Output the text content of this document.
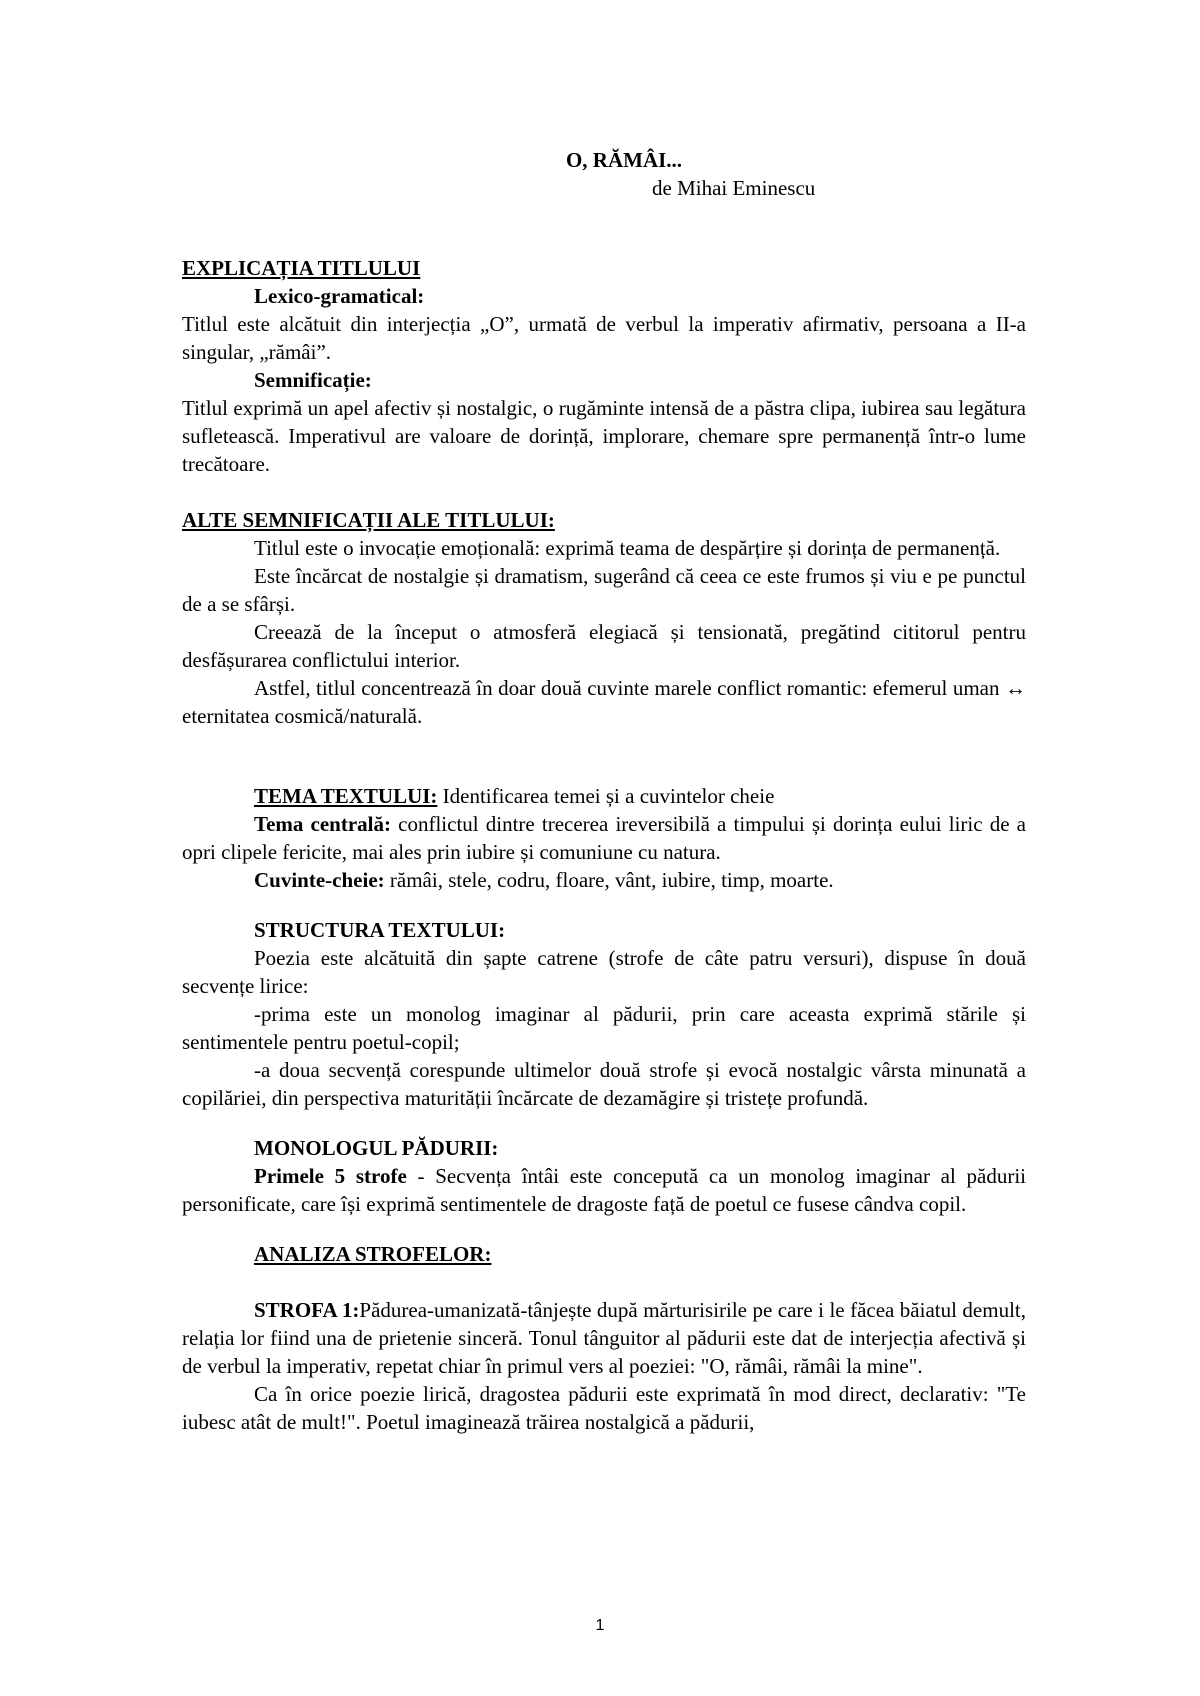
O, RĂMÂI...

de Mihai Eminescu

EXPLICAȚIA TITLULUI

Lexico-gramatical:

Titlul este alcătuit din interjecția „O”, urmată de verbul la imperativ afirmativ, persoana a II-a singular, „rămâi”.

Semnificație:

Titlul exprimă un apel afectiv și nostalgic, o rugăminte intensă de a păstra clipa, iubirea sau legătura sufletească. Imperativul are valoare de dorință, implorare, chemare spre permanență într-o lume trecătoare.

ALTE SEMNIFICAȚII ALE TITLULUI:

Titlul este o invocație emoțională: exprimă teama de despărțire și dorința de permanență.

Este încărcat de nostalgie și dramatism, sugerând că ceea ce este frumos și viu e pe punctul de a se sfârși.

Creează de la început o atmosferă elegiacă și tensionată, pregătind cititorul pentru desfășurarea conflictului interior.

Astfel, titlul concentrează în doar două cuvinte marele conflict romantic: efemerul uman ↔ eternitatea cosmică/naturală.

TEMA TEXTULUI: Identificarea temei și a cuvintelor cheie

Tema centrală: conflictul dintre trecerea ireversibilă a timpului și dorința eului liric de a opri clipele fericite, mai ales prin iubire și comuniune cu natura.

Cuvinte-cheie: rămâi, stele, codru, floare, vânt, iubire, timp, moarte.

STRUCTURA TEXTULUI:

Poezia este alcătuită din șapte catrene (strofe de câte patru versuri), dispuse în două secvențe lirice:

-prima este un monolog imaginar al pădurii, prin care aceasta exprimă stările și sentimentele pentru poetul-copil;

-a doua secvență corespunde ultimelor două strofe și evocă nostalgic vârsta minunată a copilăriei, din perspectiva maturității încărcate de dezamăgire și tristețe profundă.

MONOLOGUL PĂDURII:

Primele 5 strofe - Secvența întâi este concepută ca un monolog imaginar al pădurii personificate, care își exprimă sentimentele de dragoste față de poetul ce fusese cândva copil.

ANALIZA STROFELOR:

STROFA 1:Pădurea-umanizată-tânjește după mărturisirile pe care i le făcea băiatul demult, relația lor fiind una de prietenie sinceră. Tonul tânguitor al pădurii este dat de interjecția afectivă și de verbul la imperativ, repetat chiar în primul vers al poeziei: "O, rămâi, rămâi la mine".

Ca în orice poezie lirică, dragostea pădurii este exprimată în mod direct, declarativ: "Te iubesc atât de mult!". Poetul imaginează trăirea nostalgică a pădurii,

1
